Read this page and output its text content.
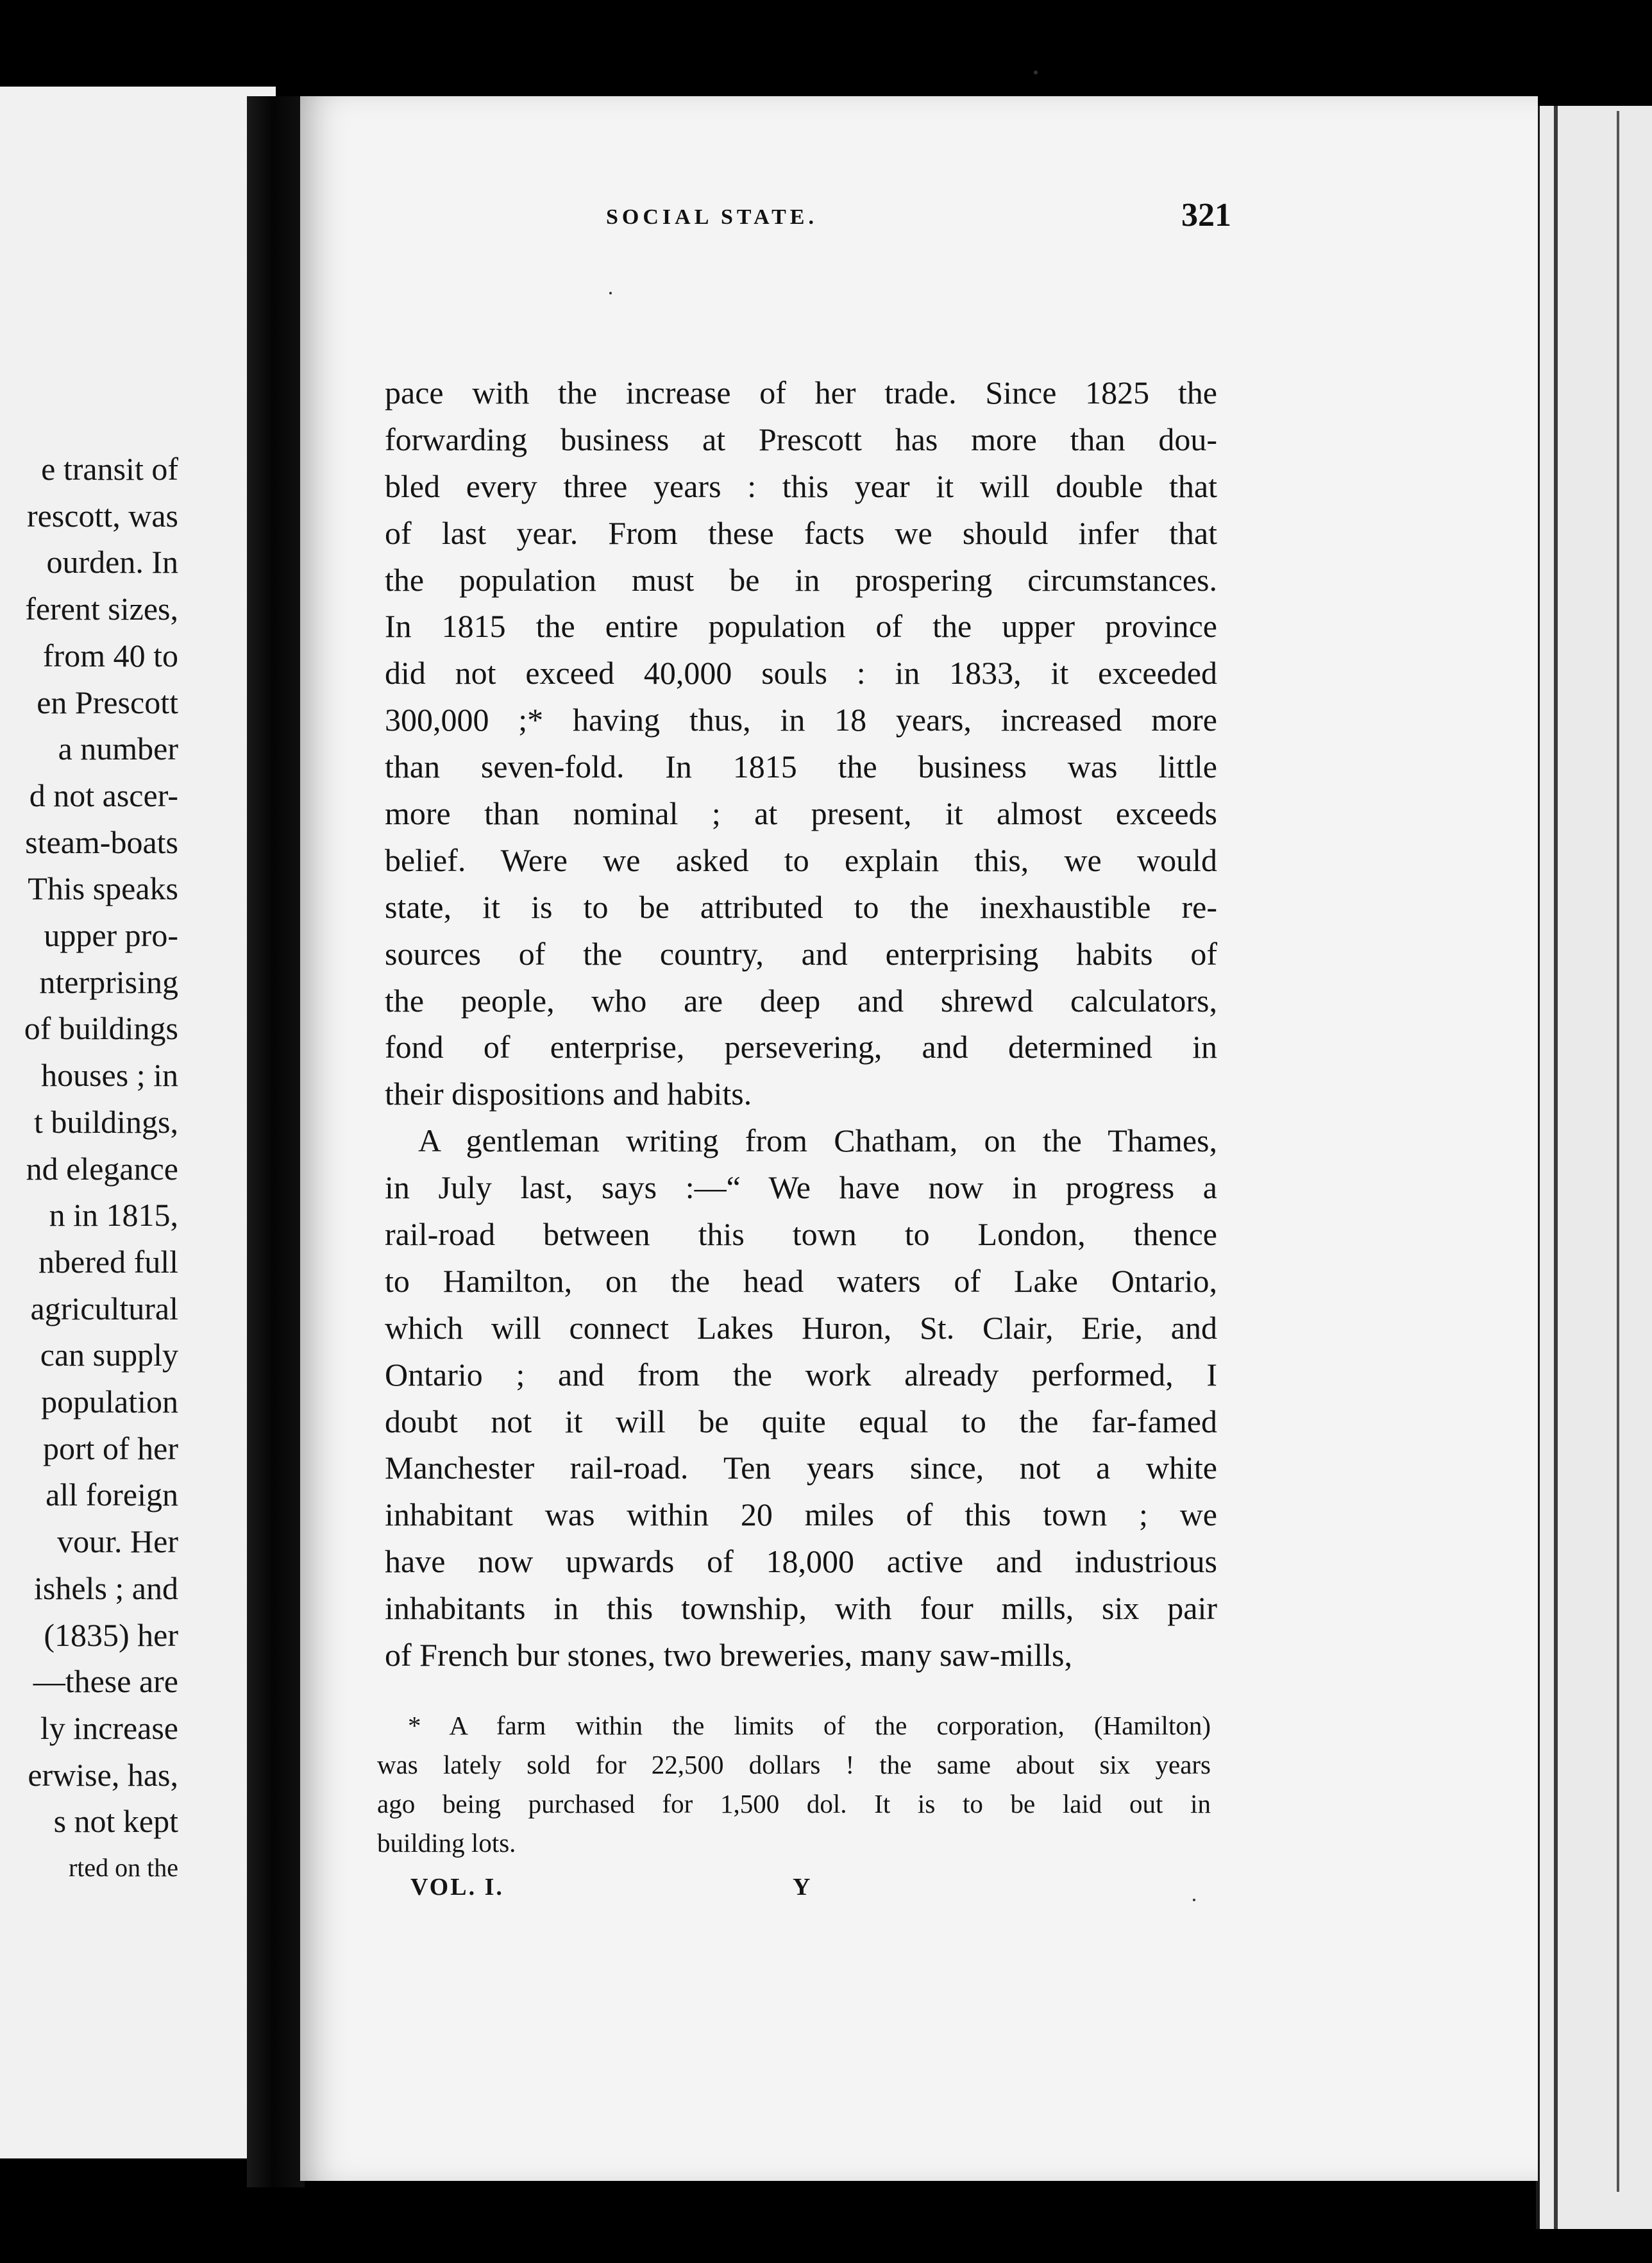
e transit of
rescott, was
ourden. In
ferent sizes,
from 40 to
en Prescott
a number
d not ascer-
steam-boats
This speaks
upper pro-
nterprising
of buildings
houses ; in
t buildings,
nd elegance
n in 1815,
nbered full
agricultural
can supply
population
port of her
all foreign
vour. Her
ishels ; and
(1835) her
—these are
ly increase
erwise, has,
s not kept
rted on the
SOCIAL STATE.	321
pace with the increase of her trade. Since 1825 the
forwarding business at Prescott has more than dou-
bled every three years : this year it will double that
of last year. From these facts we should infer that
the population must be in prospering circumstances.
In 1815 the entire population of the upper province
did not exceed 40,000 souls : in 1833, it exceeded
300,000 ;* having thus, in 18 years, increased more
than seven-fold. In 1815 the business was little
more than nominal ; at present, it almost exceeds
belief. Were we asked to explain this, we would
state, it is to be attributed to the inexhaustible re-
sources of the country, and enterprising habits of
the people, who are deep and shrewd calculators,
fond of enterprise, persevering, and determined in
their dispositions and habits.
A gentleman writing from Chatham, on the Thames,
in July last, says :—“ We have now in progress a
rail-road between this town to London, thence
to Hamilton, on the head waters of Lake Ontario,
which will connect Lakes Huron, St. Clair, Erie, and
Ontario ; and from the work already performed, I
doubt not it will be quite equal to the far-famed
Manchester rail-road. Ten years since, not a white
inhabitant was within 20 miles of this town ; we
have now upwards of 18,000 active and industrious
inhabitants in this township, with four mills, six pair
of French bur stones, two breweries, many saw-mills,
* A farm within the limits of the corporation, (Hamilton)
was lately sold for 22,500 dollars ! the same about six years
ago being purchased for 1,500 dol. It is to be laid out in
building lots.
VOL. I.	Y
